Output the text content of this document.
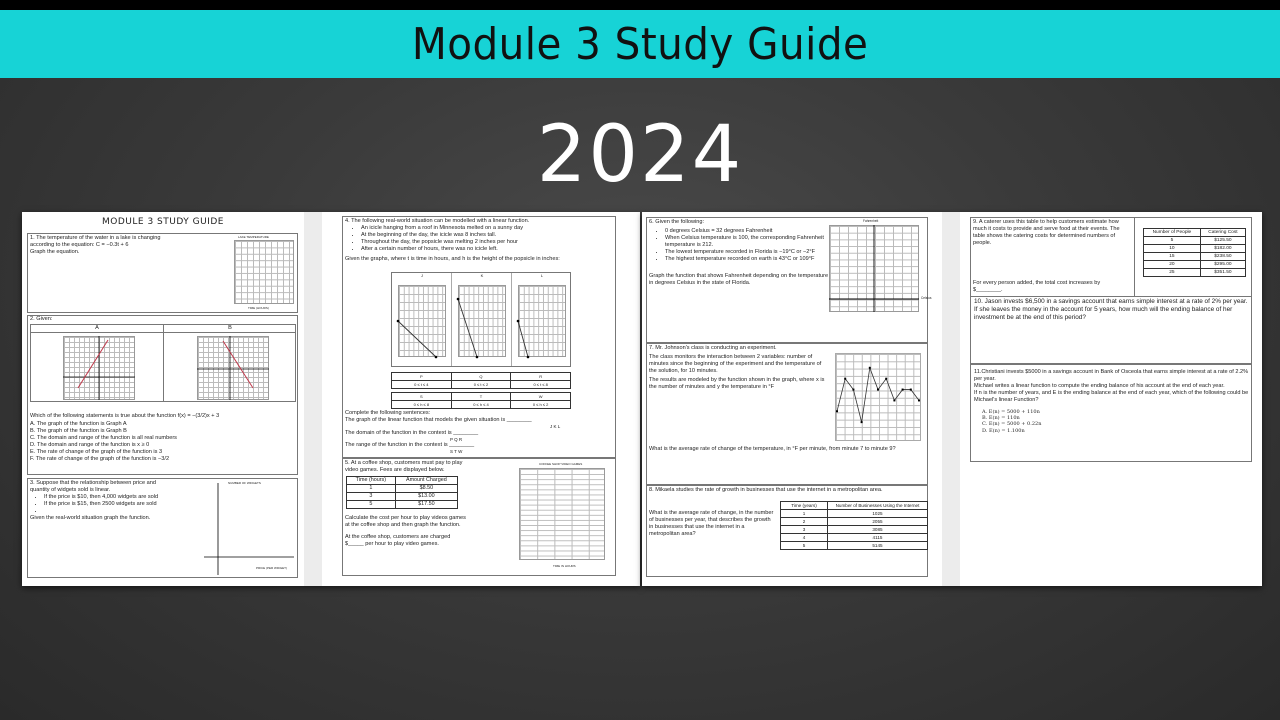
Module 3 Study Guide
2024
MODULE 3 STUDY GUIDE
1. The temperature of the water in a lake is changing
according to the equation: C = −0.3t + 6
Graph the equation.
LAKE TEMPERATURE
TIME (HOURS)
2. Given:
A	B
Which of the following statements is true about the function f(x) = −(3/2)x + 3
A. The graph of the function is Graph A
B. The graph of the function is Graph B
C. The domain and range of the function is all real numbers
D. The domain and range of the function is x ≥ 0
E. The rate of change of the graph of the function is 3
F. The rate of change of the graph of the function is −3/2
3. Suppose that the relationship between price and
quantity of widgets sold is linear.
• If the price is $10, then 4,000 widgets are sold
• If the price is $15, then 2500 widgets are sold
•
Given the real-world situation graph the function.
NUMBER OF WIDGETS
PRICE (PER WIDGET)
4. The following real-world situation can be modelled with a linear function.
• An icicle hanging from a roof in Minnesota melted on a sunny day
• At the beginning of the day, the icicle was 8 inches tall.
• Throughout the day, the popsicle was melting 2 inches per hour
• After a certain number of hours, there was no icicle left.
Given the graphs, where t is time in hours, and h is the height of the popsicle in inches:
J	K	L
P	Q	R
0 ≤ t ≤ 4	0 ≤ t ≤ 2	0 ≤ t ≤ 8
S	T	W
0 ≤ h ≤ 8	0 ≤ h ≤ 4	0 ≤ h ≤ 2
Complete the following sentences:
The graph of the linear function that models the given situation is ________
J K L
The domain of the function in the context is ________
P Q R
The range of the function in the context is ________
S T W
5. At a coffee shop, customers must pay to play
video games. Fees are displayed below.
Time (hours)	Amount Charged
1	$8.50
3	$13.00
5	$17.50
Calculate the cost per hour to play videos games
at the coffee shop and then graph the function.
At the coffee shop, customers are charged
$_____ per hour to play video games.
COFFEE SHOP VIDEO GAMES
TIME IN HOURS
6. Given the following:
• 0 degrees Celsius = 32 degrees Fahrenheit
• When Celsius temperature is 100, the corresponding Fahrenheit temperature is 212.
• The lowest temperature recorded in Florida is −19°C or −2°F
• The highest temperature recorded on earth is 43°C or 109°F
Graph the function that shows Fahrenheit depending on the temperature in degrees Celsius in the state of Florida.
Fahrenheit
Celsius
7. Mr. Johnson's class is conducting an experiment.
The class monitors the interaction between 2 variables: number of minutes since the beginning of the experiment and the temperature of the solution, for 10 minutes.
The results are modeled by the function shown in the graph, where x is the number of minutes and y the temperature in °F
What is the average rate of change of the temperature, in °F per minute, from minute 7 to minute 9?
8. Mikaela studies the rate of growth in businesses that use the internet in a metropolitan area.
What is the average rate of change, in the number of businesses per year, that describes the growth in businesses that use the internet in a metropolitan area?
Time (years)	Number of Businesses Using the Internet
1	1025
2	2055
3	3085
4	4115
5	5145
9. A caterer uses this table to help customers estimate how much it costs to provide and serve food at their events. The table shows the catering costs for determined numbers of people.
For every person added, the total cost increases by $________.
Number of People	Catering Cost
5	$125.50
10	$182.00
15	$238.50
20	$295.00
25	$351.50
10. Jason invests $6,500 in a savings account that earns simple interest at a rate of 2% per year.
If she leaves the money in the account for 5 years, how much will the ending balance of her investment be at the end of this period?
11.Christiani invests $5000 in a savings account in Bank of Osceola that earns simple interest at a rate of 2.2% per year.
Michael writes a linear function to compute the ending balance of his account at the end of each year.
If n is the number of years, and E is the ending balance at the end of each year, which of the following could be Michael's linear Function?
A. E(n) = 5000 + 110n
B. E(n) = 110n
C. E(n) = 5000 + 0.22n
D. E(n) = 1.100n
